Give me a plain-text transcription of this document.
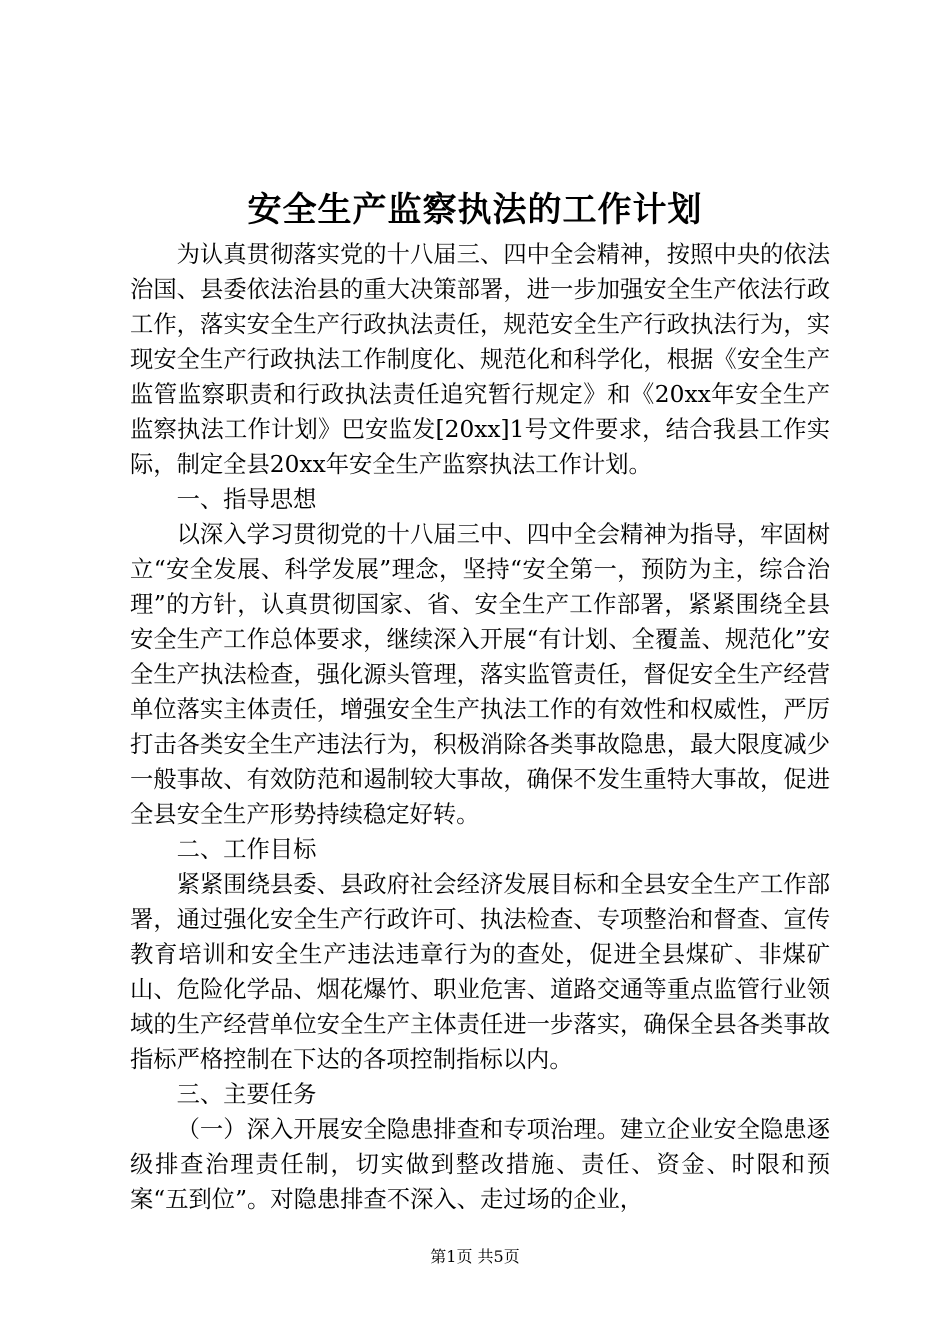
安全生产监察执法的工作计划

为认真贯彻落实党的十八届三、四中全会精神，按照中央的依法治国、县委依法治县的重大决策部署，进一步加强安全生产依法行政工作，落实安全生产行政执法责任，规范安全生产行政执法行为，实现安全生产行政执法工作制度化、规范化和科学化，根据《安全生产监管监察职责和行政执法责任追究暂行规定》和《20xx年安全生产监察执法工作计划》巴安监发[20xx]1号文件要求，结合我县工作实际，制定全县20xx年安全生产监察执法工作计划。

一、指导思想

以深入学习贯彻党的十八届三中、四中全会精神为指导，牢固树立“安全发展、科学发展”理念，坚持“安全第一，预防为主，综合治理”的方针，认真贯彻国家、省、安全生产工作部署，紧紧围绕全县安全生产工作总体要求，继续深入开展“有计划、全覆盖、规范化”安全生产执法检查，强化源头管理，落实监管责任，督促安全生产经营单位落实主体责任，增强安全生产执法工作的有效性和权威性，严厉打击各类安全生产违法行为，积极消除各类事故隐患，最大限度减少一般事故、有效防范和遏制较大事故，确保不发生重特大事故，促进全县安全生产形势持续稳定好转。

二、工作目标

紧紧围绕县委、县政府社会经济发展目标和全县安全生产工作部署，通过强化安全生产行政许可、执法检查、专项整治和督查、宣传教育培训和安全生产违法违章行为的查处，促进全县煤矿、非煤矿山、危险化学品、烟花爆竹、职业危害、道路交通等重点监管行业领域的生产经营单位安全生产主体责任进一步落实，确保全县各类事故指标严格控制在下达的各项控制指标以内。

三、主要任务

（一）深入开展安全隐患排查和专项治理。建立企业安全隐患逐级排查治理责任制，切实做到整改措施、责任、资金、时限和预案“五到位”。对隐患排查不深入、走过场的企业，

第1页 共5页
